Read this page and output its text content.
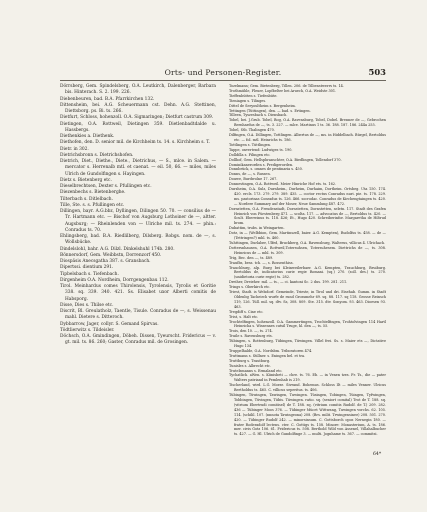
Orts- und Personen-Register.	503

Dörrsberg, Gem. Spindelsberg, O.A. Leutkirch, Dalenberger, Barbara bis. Hinterach. S. 2. 199. 226.

Diebenbeuren, bad. B.A. Pfarrkirchen 132.

Dittensheim, bei. A.G. Scheuermann cst. Dehn. A.G. Stettinen, Diettsborg. ps. Bi. ts. 266.

Dietfurt, Schloss, hohenzoll. O.A. Sigmaringen; Dietfurt castrum 309.

Dietingen, O.A. Rottweil, Dietingen 359. Dietlenbadtdalde u. Hassbergs.

Diethenkies a. Diethenk.

Diethofen, den. D. senior mil. de Kirchheim ts. 14. s. Kirchheim s. T.

Dietr. in 302.

Dietrichsbronn s. Dietrichshofen.

Dietrich, Diet., Diethe., Diete., Dietrichus, — S., mlce. in Salem. — mercator s. Herrenalb mtl. et caenat. — eil. 50, 66. — miles, miles Ulrich de Gundolfingen s. Hayingen.

Dietz s. Bietenberg etc.

Dieselbrechtsen, Dexter s. Pfullingen etc.

Diezenbechs s. Bietenberghe.

Tilterbach s. Ditlelbach.

Tille, Ste. s. s. Pfullingen etc.

Dillingen, bayr. A.G.bbz, Dyllingen, Dilingen 50. 70. — consilius de — Tr. Hartmann etc. — Bischof von Augsburg Lothoiner de —, altter. Augsburg; — Rheinlenden von — Ulriche mil. ts. 274. — phin.: Conradus ts. 70.

Ehlingsberg, bad. B.A. Riedlilberg, Dilsberg. Robgs. nom. de —, s. Wollsbücke.

Dindelslohl, bahr. A.G. Dilzl. Dinkelshuhl 174b. 280.

Bönnersdorf, Gem. Weibbstn, Dorrenzorf 450.

Diospäsis Anecsgatha 387. s. Gransbach.

Dipertssi. dientium 291.

Tipbelsbach s. Tiefenbach.

Dirgenheim O.A. Nordheim, Dorrgengenbau 112.

Tirol. Meinhardus comes Thirolensis, Tyrolensis, Tyrolis et Goritie 338. sq. 339. 340. 421. Ss. Elisabet uxor Alberti comitis de Habsporg.

Disse, Dies s. Thilse etc.

Discrit, Bl. Greulatholz, Taentle, Tisule. Conradus de —, s. Weissenau mahl. Dietere s. Ditteroch.

Dybbarrow, Jager, collyr. S. Gemand Spirvas.

Tödtlierwitz s. Tildeisler.

Döchsch, O.A. Gmindingen, Döbeh. Dissen, Tyeurscht. Fridericus — v. gt. mil. ts. 86. 260; Gaster, Conradus mil. de Grosingen.

Tozelmann; Gem. Bietenberg, Tillen. 206. de Tilbenstwerrs ts. 14.

Trothmühle, Fleuer, Lopfbelter bei Aruech, O.A. Weidste 301.

Tieffenbütten s. Tiefenbüte.

Tieniagen s. Tilinges.

Dittel de Seryoultheim s. Bergenheim.

Tettingen (Tüttingen), den. — bad. s. Ertingen.

Tilleen, Tyszesbach s. Diensbach.

Tobel, bei. J.Grub. Tobel, Bog, O.A. Ravensburg, Tobel, Dobel. Brenner de —, Gebrochen Bernhardus de —, ts. 3. 227. — mlce. Martinus 1 ts. 36. 188. 187. 186. 244a 255.

Tobel, Stb. Thalingen 470.

Dilfingen, O.A. Dillingen, Tottlingen. Albertus de —, ms. in Hiddelbach. Bürgel, Bertoldus etc. — fol. mtl. Heinrichs ts. 186.

Tottlingen s. Tüttlingen.

Tappe, onvertend: Ludwiges ts. 190.

Dolldilla s. Filingen etc.

Dollhof, Gem. Hellsphranschter, O.A. Biedlingen, Tollendorf 370.

Dominikanerorden s. Predigerorden.

Donnbrück, s. omnes de pentinaria s. 450.

Donns, de —, s. Russen.

Douwe, Burdwolne 17. 267.

Donnestingen, O.A. Rottweil. Meier Hinriche Hof ets. ts. 162.

Durzheim, O.A. Sulz, Durnheim., Durheim, Durhaim, Dortheim. Ortsbeg. Uta 150. 174. 420. ercls. 173. 279. 279. 389. 435. — coctor rectus Conradus nuri. pie. ts. 178. 229. ms. pastorinas Conradus ts. 126. 466. socrodac. Conradus de Kirchengtaingen ts. 420. — Nordere Summary auf der Moser, Neue Sammlung 487. 472.

Dornstetten, O.A. Freudenstadt, Dornstetten, Dornstetten, seletn. 117. Stadt des Grafen Heinrich von Fürstenberg 471. — scolta. 117. — advocatus de —, Bertoldus ts. 420. — Scult. Eberwinus ts. 118. 426; Et., Hugo 420. Schreiberinfor. Margaretha de Hiltrud brom.

Dubattim, trubs. in Weingarten.

Dotz, in — (Welbbion, Gem. Martinszell, baier. A.G. Kempten), Rudolfus ts. 458. — de — (Tettringen?) mhl. ts. 460.

Tuhttingen, Durlaber, Ulfed, Bruckberg, O.A. Ravensburg, Walterus, villicus 4. Ulrichach.

Dottersnhausen, O.A. Rottweil,Totersuhsen, Totersuhesem. Diettrichs de —, ts. 308. Heinricus de — mhl. ts. 309.

Trig, Bec. den —, ts. 489.

Traufbs, bess. tch. —, s. Rossenthiss.

Trauchburg, alp. Burg bei Kleinweilerbaer. A.G. Kempten, Trauchburg, Bruiburg. Bertoldus de, indicatorius curie regie Romani. (sq.) 270. (soll. des.) ts. 270. (unidietoria curie regie) ts. 282.

Dreiher, Dreieher. mil. — ts., — ci. kantoni Sc. 2 dus. 199. 281. 211.

Trings s. Oberkirch etc.

Triest, Stadt. is Welsdorf. Gemeinde, Trieste, in Tirol und dri. Eisehab. Gumm. in Stadt Oldenbg Tacheirch wurfe de rund Grossmehr 69. sq. 88. 117. sq 118. Grosse Reinsch 119, 126. Tüll. mil. sq. dtv. Ss, 308. 809. Ste. 315. dtv. Sonyom. 93. 463. Dioesen 93. 463.

Tregdiff s. Cine etc.

Trist, s. Halt etc.

Trochtelfingen, hohenzoll. O.A. Gammertingen, Trochtelfingen, Trohtolvingen 114 Hartl Heinricha s. Wissennes cutsil Truge, hl. den —, ts. 55.

Trois, den 10. —, ts. 274.

Truile s. Ravensburg ets.

Tübingen, s. Rottenburg, Tübingen, Tüwingen. Villel frei. Ss. s. Maier ets —, Dictative Hugo 134.

Truppelhalde, O.A. Nordsbm. Triboratoren 474.

Truttmann s. Stillner. s. Eningen bel. et tra.

Truttburg s. Trautburg.

Tunisles s. Albrecht etc.

Trutelsmanns s. Ermaland etc.

Tychatlich. aWen. s. Künisbeti — chre. ts. 76. Eb. — in Venen tzes. Fr. Ts., die — pater Walters patriand in Pemlenhab is 219.

Tischerland, wird. L.G. Morze. Sivrand. Bohemus. Schloss Ilt — miles Venner. Ulricus Bertholdus ts. 465. C. villicus seperitus. ts. 406.

Tübingen, Tüwingen, Tawingen, Tuwingen. Tüsingen, Tobingen, Tüingen, Tyfwingen, Tobbingen, Tüvingen, Tübis. Tüwingen. ratio. sq. (seniort comital) Trot de T. 188. sq. (vitrium Ebertrudi comitisel) de T. 188. sq. (vitrium comitis Rudolf. de T.) 209. 282. 436 — Tübinger Moos 376. — Tübinger Mücet Wittwang, Tuwingen vorchs. 62. 105. 114. (schilil. 107. (nnnota Tawingeona) 208. (Brs. milit. Trwingensinee) 208. 501. 270. 420. — Tübinger Rudolf 242. — minorsinsum. C. Gottsborch opos Nernegin 180. — frater Roderadolf lectens. cter. C. Gottigs ts. 158. Minore: Monasterium, A. ts. 186. mer. civis Gotz 106. 61. Fridericus ts. 508. Berthold Wild von Assenel, Villahalbucher ts. 427. — G. Hl. Ulrich de Gundolfinge 3. — multi. Jognhame ts. 367. — commitsi.

64*
